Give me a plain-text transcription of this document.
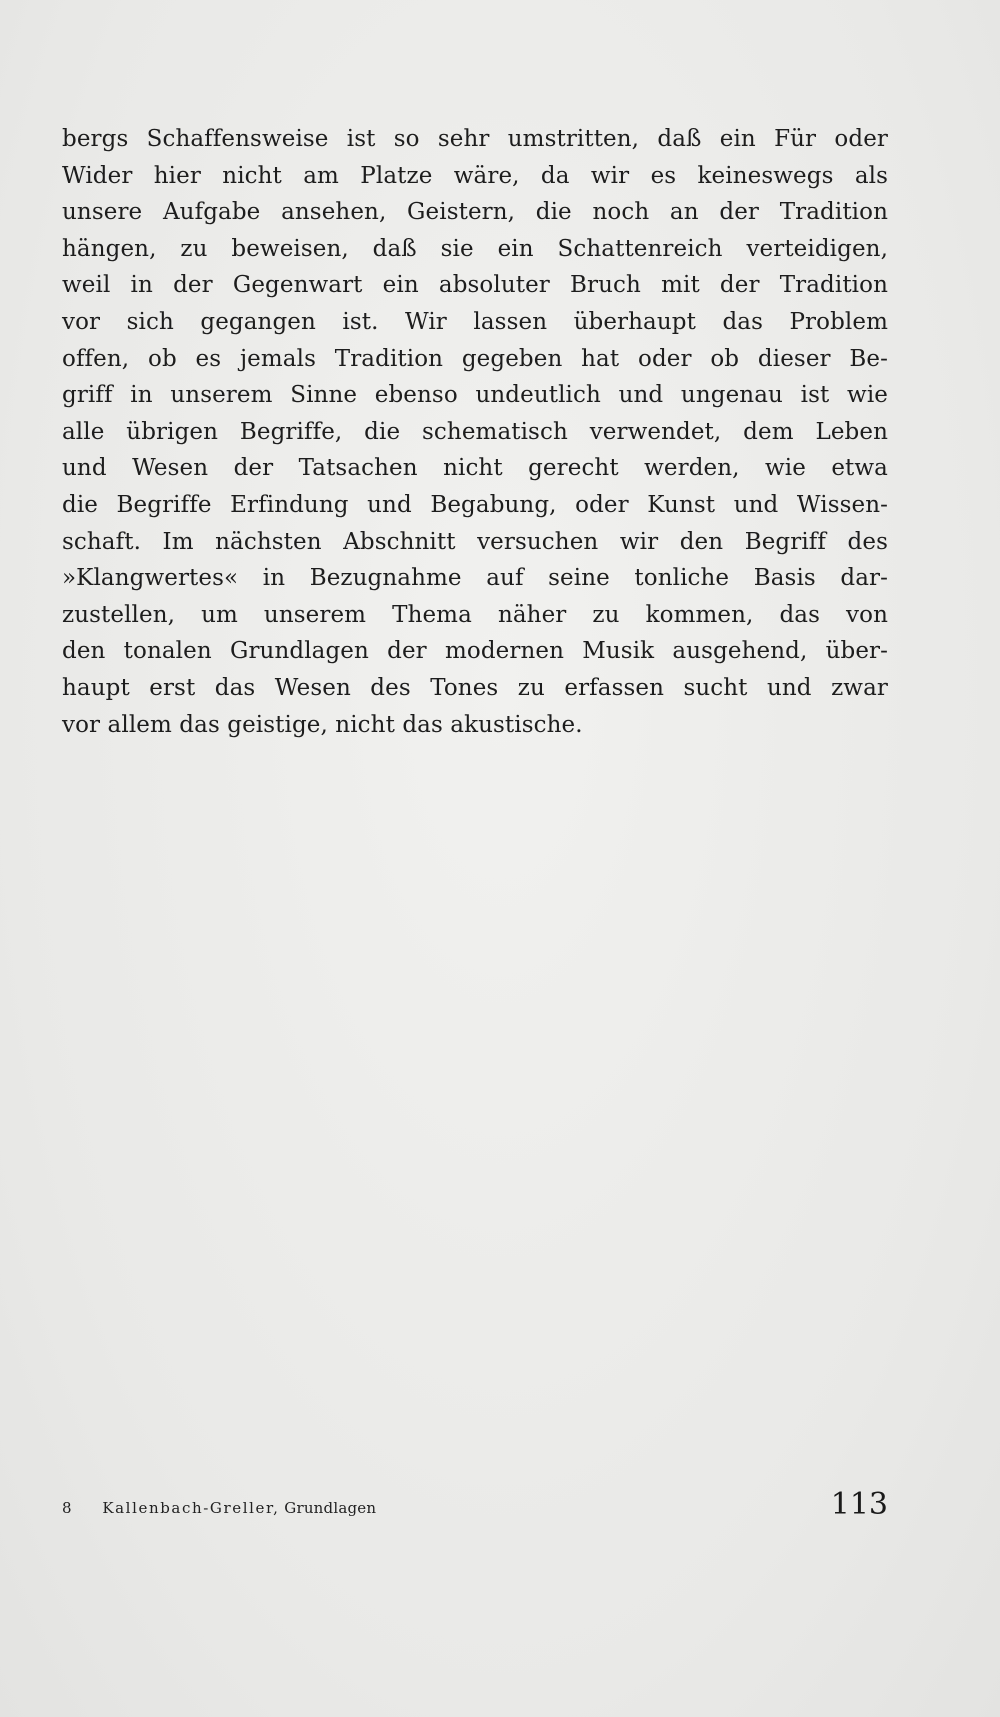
bergs Schaffensweise ist so sehr umstritten, daß ein Für oder
Wider hier nicht am Platze wäre, da wir es keineswegs als
unsere Aufgabe ansehen, Geistern, die noch an der Tradition
hängen, zu beweisen, daß sie ein Schattenreich verteidigen,
weil in der Gegenwart ein absoluter Bruch mit der Tradition
vor sich gegangen ist. Wir lassen überhaupt das Problem
offen, ob es jemals Tradition gegeben hat oder ob dieser Be-
griff in unserem Sinne ebenso undeutlich und ungenau ist wie
alle übrigen Begriffe, die schematisch verwendet, dem Leben
und Wesen der Tatsachen nicht gerecht werden, wie etwa
die Begriffe Erfindung und Begabung, oder Kunst und Wissen-
schaft. Im nächsten Abschnitt versuchen wir den Begriff des
»Klangwertes« in Bezugnahme auf seine tonliche Basis dar-
zustellen, um unserem Thema näher zu kommen, das von
den tonalen Grundlagen der modernen Musik ausgehend, über-
haupt erst das Wesen des Tones zu erfassen sucht und zwar
vor allem das geistige, nicht das akustische.
8 Kallenbach-Greller, Grundlagen	113
